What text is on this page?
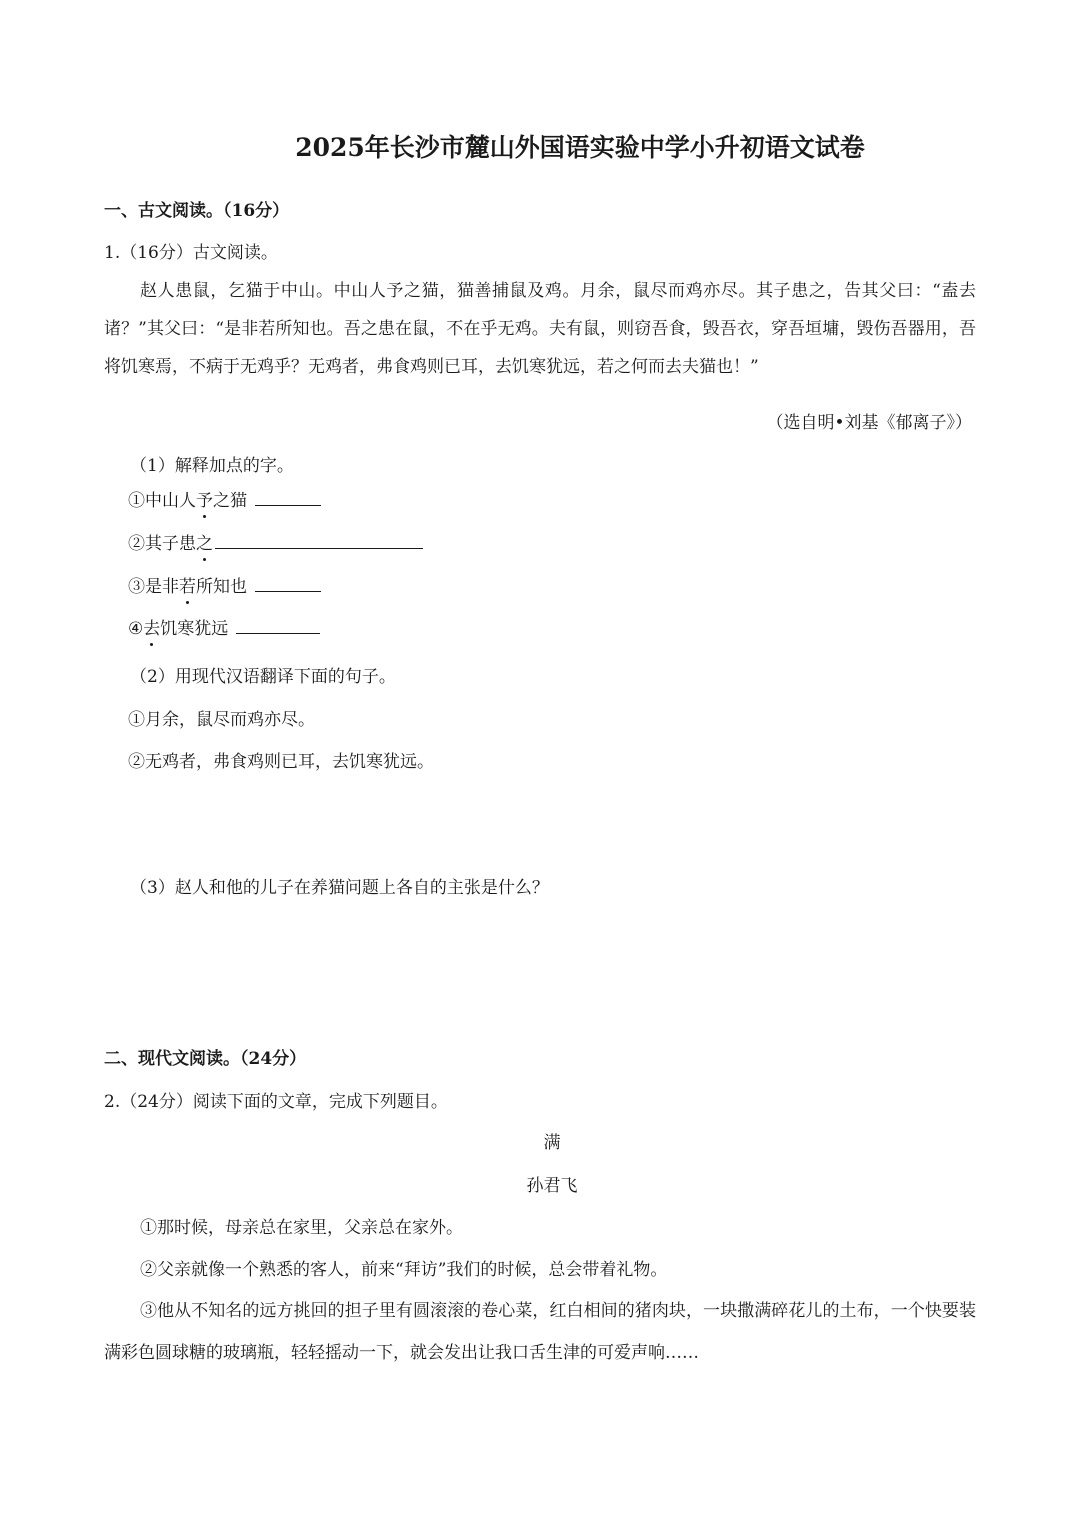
2025年长沙市麓山外国语实验中学小升初语文试卷
一、古文阅读。（16分）
1.（16分）古文阅读。
赵人患鼠，乞猫于中山。中山人予之猫，猫善捕鼠及鸡。月余，鼠尽而鸡亦尽。其子患之，告其父曰：“盍去诸？”其父曰：“是非若所知也。吾之患在鼠，不在乎无鸡。夫有鼠，则窃吾食，毁吾衣，穿吾垣墉，毁伤吾器用，吾将饥寒焉，不病于无鸡乎？无鸡者，弗食鸡则已耳，去饥寒犹远，若之何而去夫猫也！”
（选自明•刘基《郁离子》）
（1）解释加点的字。
①中山人予之猫
②其子患之
③是非若所知也
④去饥寒犹远
（2）用现代汉语翻译下面的句子。
①月余，鼠尽而鸡亦尽。
②无鸡者，弗食鸡则已耳，去饥寒犹远。
（3）赵人和他的儿子在养猫问题上各自的主张是什么？
二、现代文阅读。（24分）
2.（24分）阅读下面的文章，完成下列题目。
满
孙君飞
①那时候，母亲总在家里，父亲总在家外。
②父亲就像一个熟悉的客人，前来“拜访”我们的时候，总会带着礼物。
③他从不知名的远方挑回的担子里有圆滚滚的卷心菜，红白相间的猪肉块，一块撒满碎花儿的土布，一个快要装满彩色圆球糖的玻璃瓶，轻轻摇动一下，就会发出让我口舌生津的可爱声响……
